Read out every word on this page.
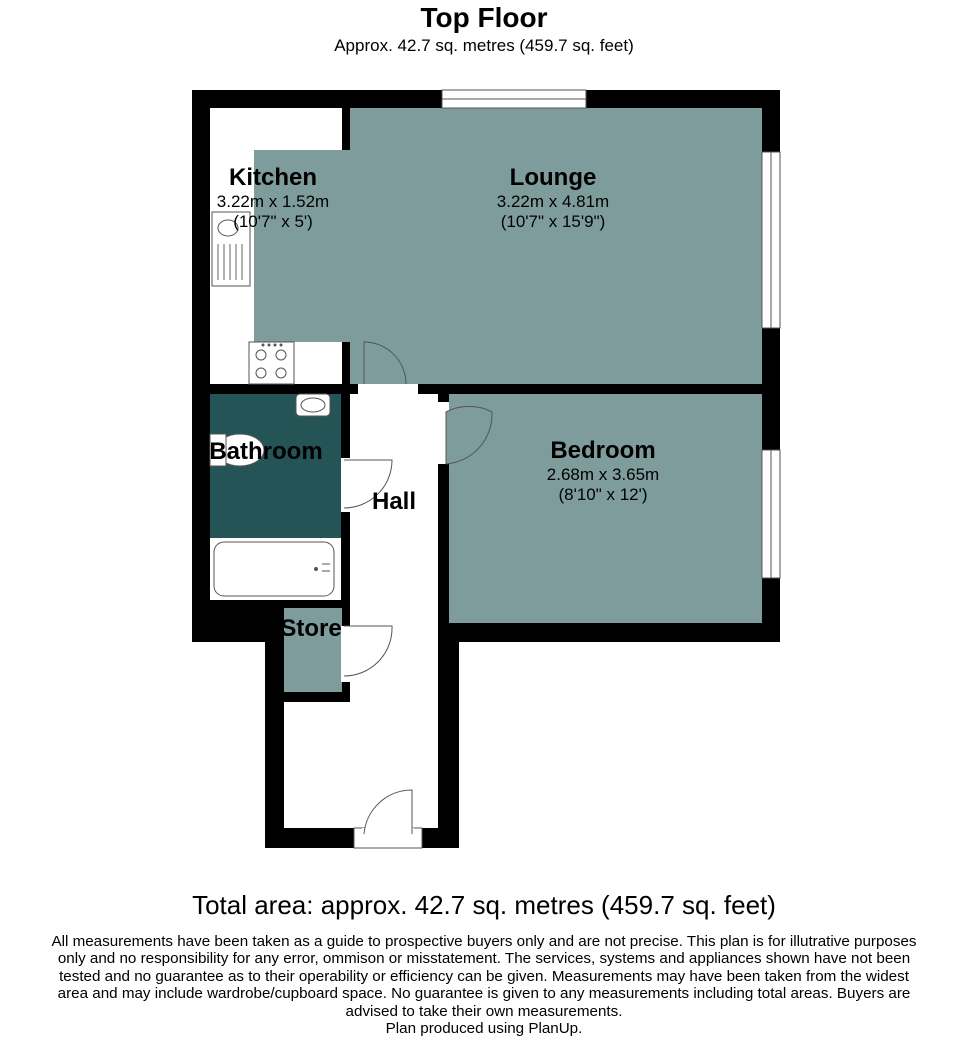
Top Floor
Approx. 42.7 sq. metres (459.7 sq. feet)
Kitchen
3.22m x 1.52m
(10'7" x 5')
Lounge
3.22m x 4.81m
(10'7" x 15'9")
Bathroom
Hall
Bedroom
2.68m x 3.65m
(8'10" x 12')
Store
Total area: approx. 42.7 sq. metres (459.7 sq. feet)
All measurements have been taken as a guide to prospective buyers only and are not precise. This plan is for illutrative purposes
only and no responsibility for any error, ommison or misstatement. The services, systems and appliances shown have not been
tested and no guarantee as to their operability or efficiency can be given. Measurements may have been taken from the widest
area and may include wardrobe/cupboard space. No guarantee is given to any measurements including total areas. Buyers are
advised to take their own measurements.
Plan produced using PlanUp.
